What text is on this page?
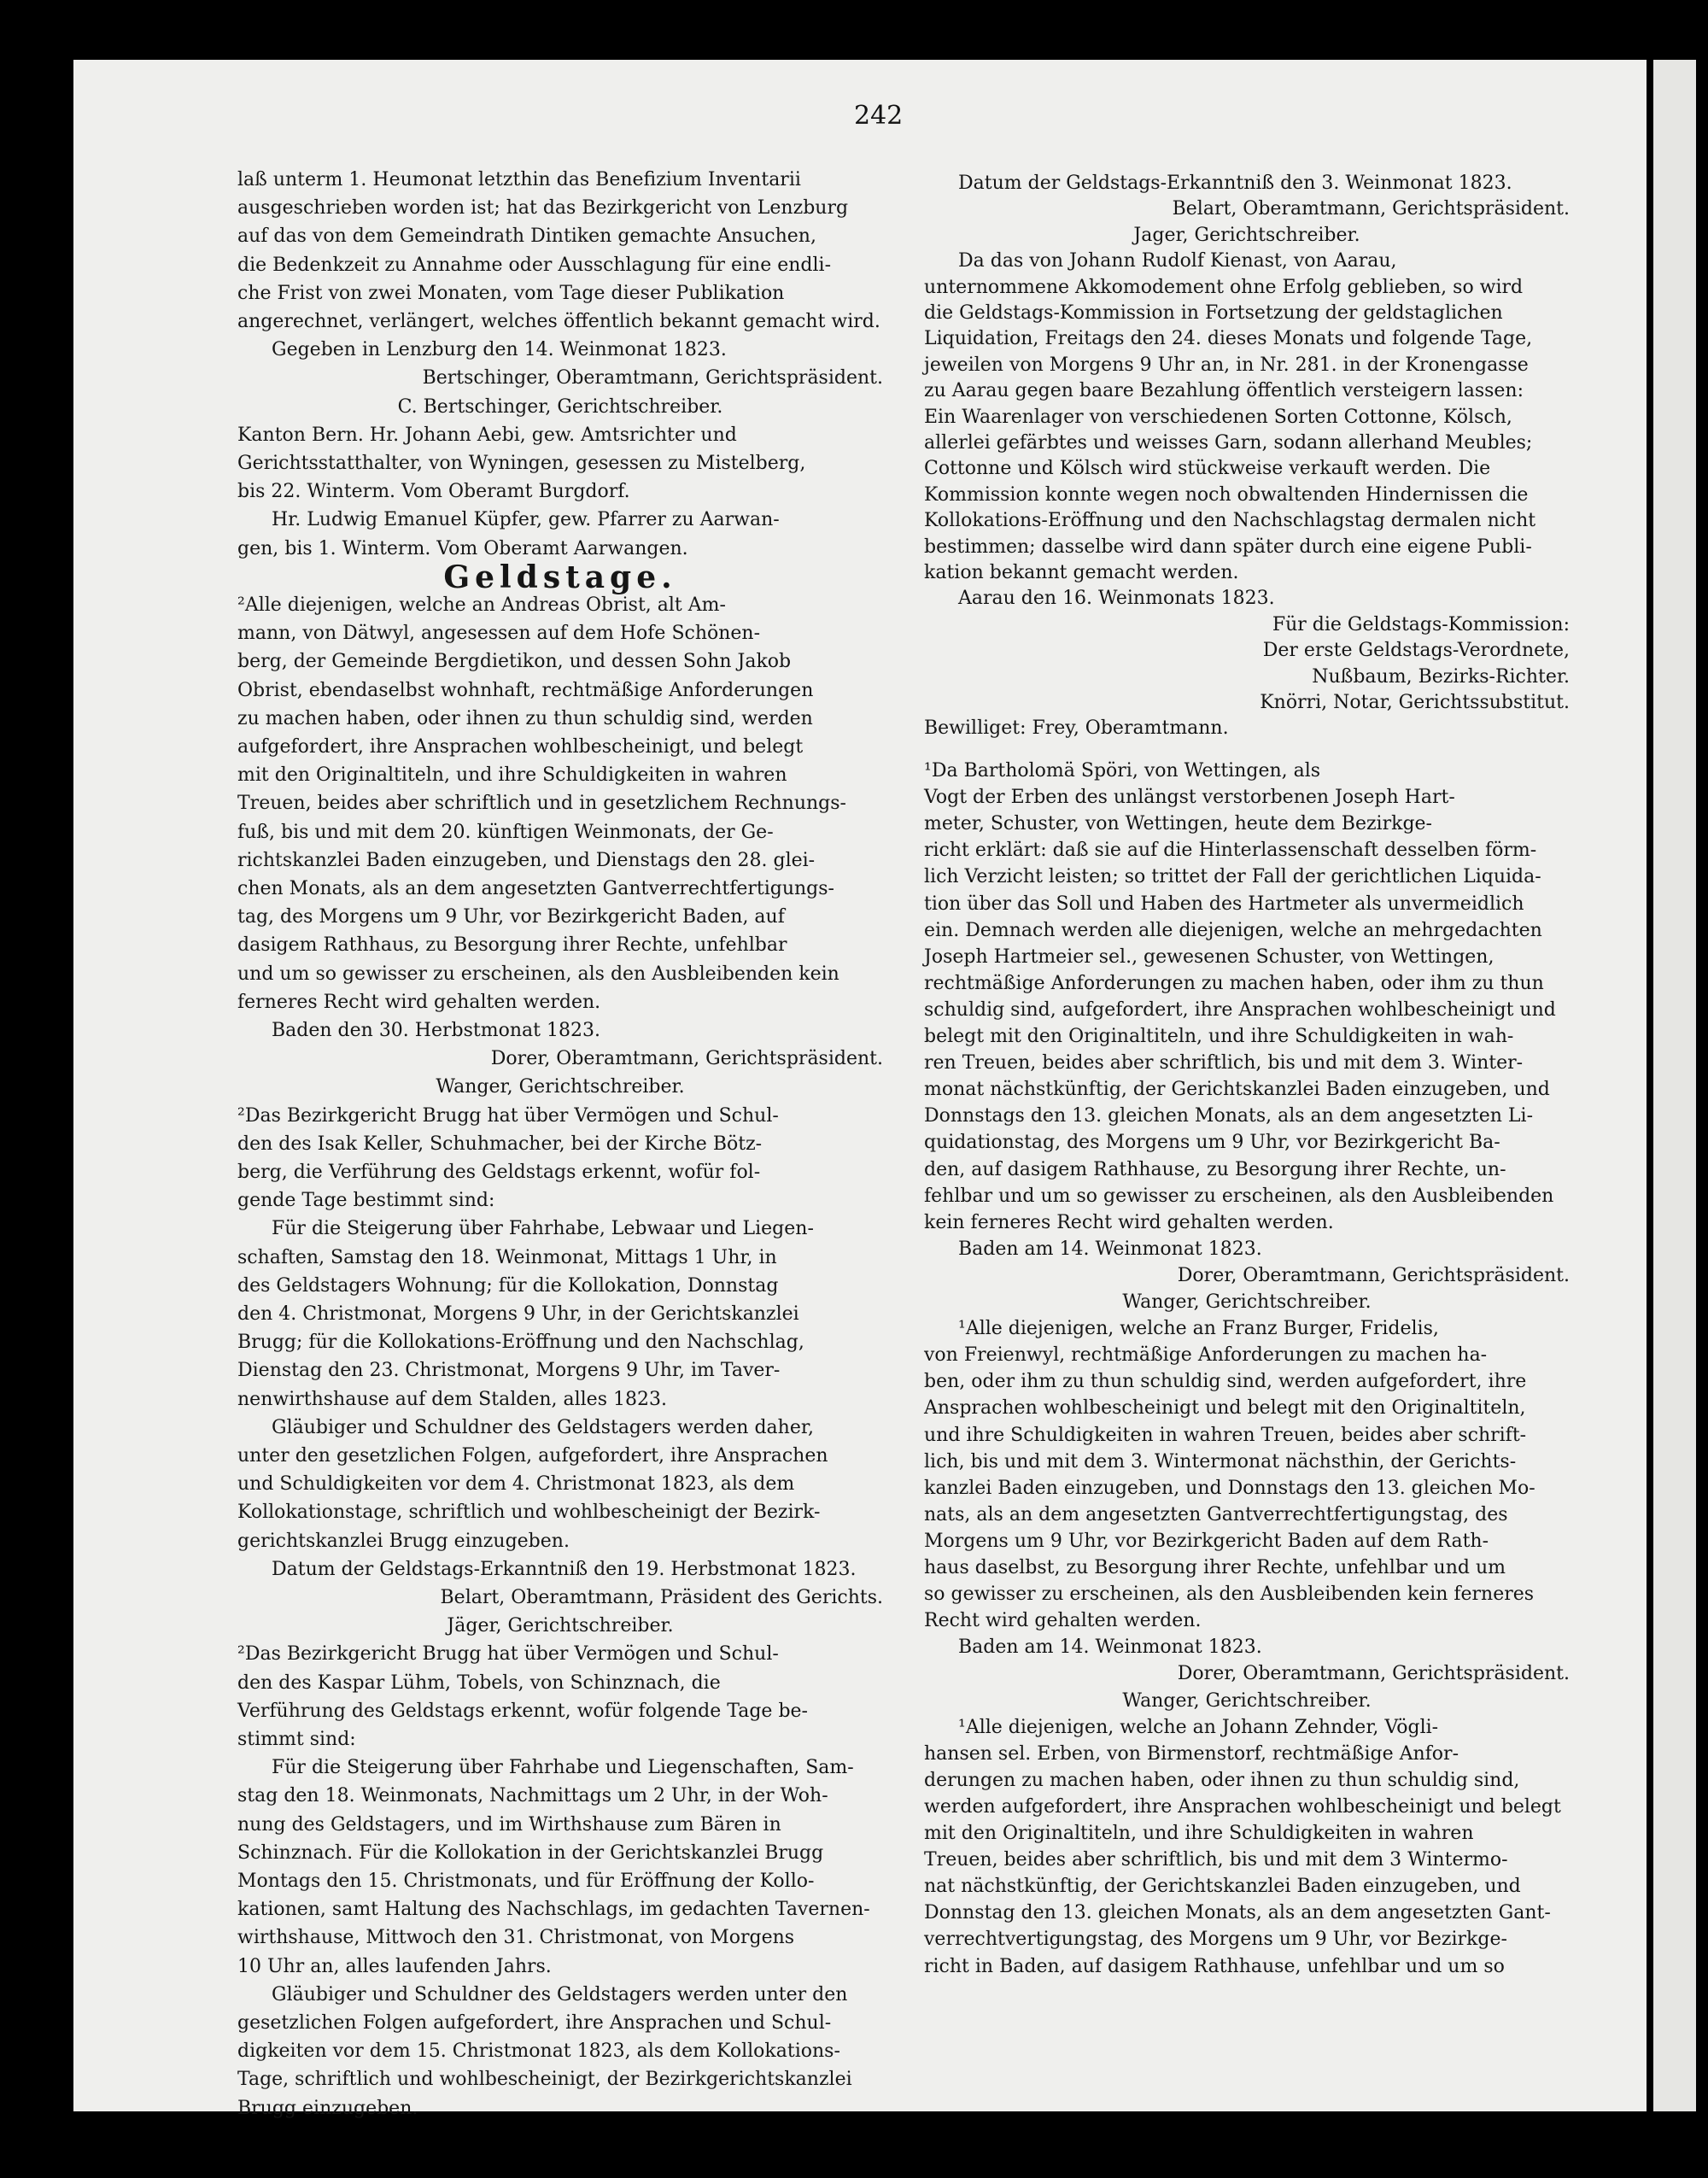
242
laß unterm 1. Heumonat letzthin das Benefizium Inventarii
ausgeschrieben worden ist; hat das Bezirkgericht von Lenzburg
auf das von dem Gemeindrath Dintiken gemachte Ansuchen,
die Bedenkzeit zu Annahme oder Ausschlagung für eine endli-
che Frist von zwei Monaten, vom Tage dieser Publikation
angerechnet, verlängert, welches öffentlich bekannt gemacht wird.
Gegeben in Lenzburg den 14. Weinmonat 1823.
Bertschinger, Oberamtmann, Gerichtspräsident.
C. Bertschinger, Gerichtschreiber.
Kanton Bern. Hr. Johann Aebi, gew. Amtsrichter und
Gerichtsstatthalter, von Wyningen, gesessen zu Mistelberg,
bis 22. Winterm. Vom Oberamt Burgdorf.
Hr. Ludwig Emanuel Küpfer, gew. Pfarrer zu Aarwan-
gen, bis 1. Winterm. Vom Oberamt Aarwangen.
Geldstage.
²Alle diejenigen, welche an Andreas Obrist, alt Am-
mann, von Dätwyl, angesessen auf dem Hofe Schönen-
berg, der Gemeinde Bergdietikon, und dessen Sohn Jakob
Obrist, ebendaselbst wohnhaft, rechtmäßige Anforderungen
zu machen haben, oder ihnen zu thun schuldig sind, werden
aufgefordert, ihre Ansprachen wohlbescheinigt, und belegt
mit den Originaltiteln, und ihre Schuldigkeiten in wahren
Treuen, beides aber schriftlich und in gesetzlichem Rechnungs-
fuß, bis und mit dem 20. künftigen Weinmonats, der Ge-
richtskanzlei Baden einzugeben, und Dienstags den 28. glei-
chen Monats, als an dem angesetzten Gantverrechtfertigungs-
tag, des Morgens um 9 Uhr, vor Bezirkgericht Baden, auf
dasigem Rathhaus, zu Besorgung ihrer Rechte, unfehlbar
und um so gewisser zu erscheinen, als den Ausbleibenden kein
ferneres Recht wird gehalten werden.
Baden den 30. Herbstmonat 1823.
Dorer, Oberamtmann, Gerichtspräsident.
Wanger, Gerichtschreiber.
²Das Bezirkgericht Brugg hat über Vermögen und Schul-
den des Isak Keller, Schuhmacher, bei der Kirche Bötz-
berg, die Verführung des Geldstags erkennt, wofür fol-
gende Tage bestimmt sind:
Für die Steigerung über Fahrhabe, Lebwaar und Liegen-
schaften, Samstag den 18. Weinmonat, Mittags 1 Uhr, in
des Geldstagers Wohnung; für die Kollokation, Donnstag
den 4. Christmonat, Morgens 9 Uhr, in der Gerichtskanzlei
Brugg; für die Kollokations-Eröffnung und den Nachschlag,
Dienstag den 23. Christmonat, Morgens 9 Uhr, im Taver-
nenwirthshause auf dem Stalden, alles 1823.
Gläubiger und Schuldner des Geldstagers werden daher,
unter den gesetzlichen Folgen, aufgefordert, ihre Ansprachen
und Schuldigkeiten vor dem 4. Christmonat 1823, als dem
Kollokationstage, schriftlich und wohlbescheinigt der Bezirk-
gerichtskanzlei Brugg einzugeben.
Datum der Geldstags-Erkanntniß den 19. Herbstmonat 1823.
Belart, Oberamtmann, Präsident des Gerichts.
Jäger, Gerichtschreiber.
²Das Bezirkgericht Brugg hat über Vermögen und Schul-
den des Kaspar Lühm, Tobels, von Schinznach, die
Verführung des Geldstags erkennt, wofür folgende Tage be-
stimmt sind:
Für die Steigerung über Fahrhabe und Liegenschaften, Sam-
stag den 18. Weinmonats, Nachmittags um 2 Uhr, in der Woh-
nung des Geldstagers, und im Wirthshause zum Bären in
Schinznach. Für die Kollokation in der Gerichtskanzlei Brugg
Montags den 15. Christmonats, und für Eröffnung der Kollo-
kationen, samt Haltung des Nachschlags, im gedachten Tavernen-
wirthshause, Mittwoch den 31. Christmonat, von Morgens
10 Uhr an, alles laufenden Jahrs.
Gläubiger und Schuldner des Geldstagers werden unter den
gesetzlichen Folgen aufgefordert, ihre Ansprachen und Schul-
digkeiten vor dem 15. Christmonat 1823, als dem Kollokations-
Tage, schriftlich und wohlbescheinigt, der Bezirkgerichtskanzlei
Brugg einzugeben.
Datum der Geldstags-Erkanntniß den 3. Weinmonat 1823.
Belart, Oberamtmann, Gerichtspräsident.
Jager, Gerichtschreiber.
Da das von Johann Rudolf Kienast, von Aarau,
unternommene Akkomodement ohne Erfolg geblieben, so wird
die Geldstags-Kommission in Fortsetzung der geldstaglichen
Liquidation, Freitags den 24. dieses Monats und folgende Tage,
jeweilen von Morgens 9 Uhr an, in Nr. 281. in der Kronengasse
zu Aarau gegen baare Bezahlung öffentlich versteigern lassen:
Ein Waarenlager von verschiedenen Sorten Cottonne, Kölsch,
allerlei gefärbtes und weisses Garn, sodann allerhand Meubles;
Cottonne und Kölsch wird stückweise verkauft werden. Die
Kommission konnte wegen noch obwaltenden Hindernissen die
Kollokations-Eröffnung und den Nachschlagstag dermalen nicht
bestimmen; dasselbe wird dann später durch eine eigene Publi-
kation bekannt gemacht werden.
Aarau den 16. Weinmonats 1823.
Für die Geldstags-Kommission:
Der erste Geldstags-Verordnete,
Nußbaum, Bezirks-Richter.
Knörri, Notar, Gerichtssubstitut.
Bewilliget: Frey, Oberamtmann.
¹Da Bartholomä Spöri, von Wettingen, als
Vogt der Erben des unlängst verstorbenen Joseph Hart-
meter, Schuster, von Wettingen, heute dem Bezirkge-
richt erklärt: daß sie auf die Hinterlassenschaft desselben förm-
lich Verzicht leisten; so trittet der Fall der gerichtlichen Liquida-
tion über das Soll und Haben des Hartmeter als unvermeidlich
ein. Demnach werden alle diejenigen, welche an mehrgedachten
Joseph Hartmeier sel., gewesenen Schuster, von Wettingen,
rechtmäßige Anforderungen zu machen haben, oder ihm zu thun
schuldig sind, aufgefordert, ihre Ansprachen wohlbescheinigt und
belegt mit den Originaltiteln, und ihre Schuldigkeiten in wah-
ren Treuen, beides aber schriftlich, bis und mit dem 3. Winter-
monat nächstkünftig, der Gerichtskanzlei Baden einzugeben, und
Donnstags den 13. gleichen Monats, als an dem angesetzten Li-
quidationstag, des Morgens um 9 Uhr, vor Bezirkgericht Ba-
den, auf dasigem Rathhause, zu Besorgung ihrer Rechte, un-
fehlbar und um so gewisser zu erscheinen, als den Ausbleibenden
kein ferneres Recht wird gehalten werden.
Baden am 14. Weinmonat 1823.
Dorer, Oberamtmann, Gerichtspräsident.
Wanger, Gerichtschreiber.
¹Alle diejenigen, welche an Franz Burger, Fridelis,
von Freienwyl, rechtmäßige Anforderungen zu machen ha-
ben, oder ihm zu thun schuldig sind, werden aufgefordert, ihre
Ansprachen wohlbescheinigt und belegt mit den Originaltiteln,
und ihre Schuldigkeiten in wahren Treuen, beides aber schrift-
lich, bis und mit dem 3. Wintermonat nächsthin, der Gerichts-
kanzlei Baden einzugeben, und Donnstags den 13. gleichen Mo-
nats, als an dem angesetzten Gantverrechtfertigungstag, des
Morgens um 9 Uhr, vor Bezirkgericht Baden auf dem Rath-
haus daselbst, zu Besorgung ihrer Rechte, unfehlbar und um
so gewisser zu erscheinen, als den Ausbleibenden kein ferneres
Recht wird gehalten werden.
Baden am 14. Weinmonat 1823.
Dorer, Oberamtmann, Gerichtspräsident.
Wanger, Gerichtschreiber.
¹Alle diejenigen, welche an Johann Zehnder, Vögli-
hansen sel. Erben, von Birmenstorf, rechtmäßige Anfor-
derungen zu machen haben, oder ihnen zu thun schuldig sind,
werden aufgefordert, ihre Ansprachen wohlbescheinigt und belegt
mit den Originaltiteln, und ihre Schuldigkeiten in wahren
Treuen, beides aber schriftlich, bis und mit dem 3 Wintermo-
nat nächstkünftig, der Gerichtskanzlei Baden einzugeben, und
Donnstag den 13. gleichen Monats, als an dem angesetzten Gant-
verrechtvertigungstag, des Morgens um 9 Uhr, vor Bezirkge-
richt in Baden, auf dasigem Rathhause, unfehlbar und um so
